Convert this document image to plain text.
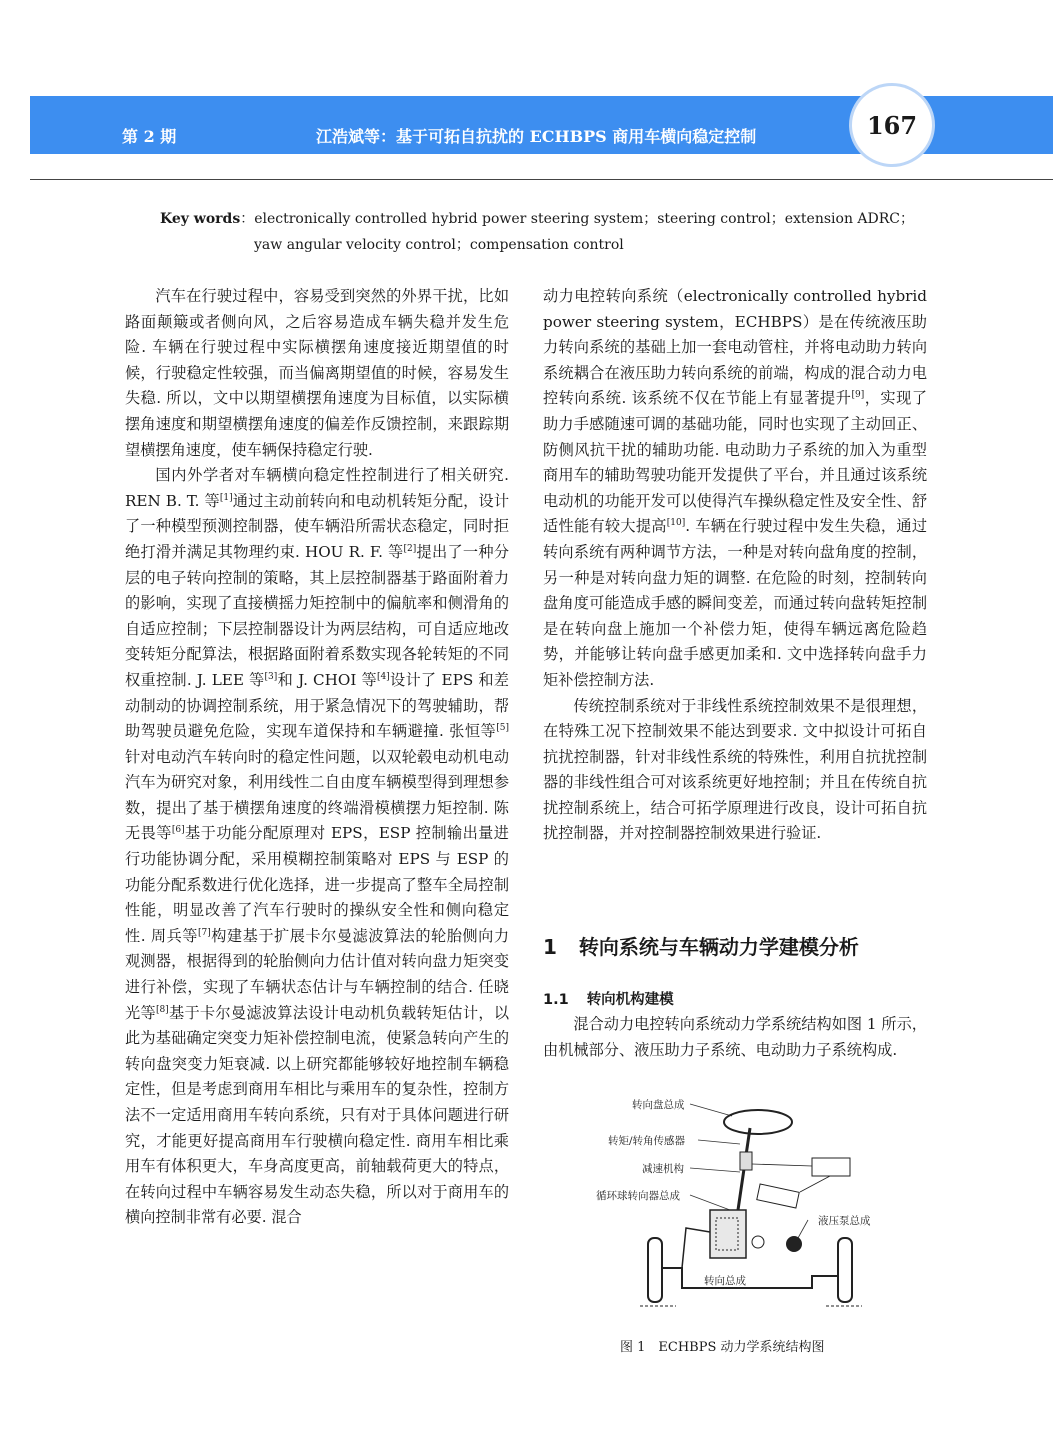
第 2 期	江浩斌等：基于可拓自抗扰的 ECHBPS 商用车横向稳定控制	167
Key words：electronically controlled hybrid power steering system；steering control；extension ADRC；
yaw angular velocity control；compensation control

汽车在行驶过程中，容易受到突然的外界干扰，比如路面颠簸或者侧向风，之后容易造成车辆失稳并发生危险. 车辆在行驶过程中实际横摆角速度接近期望值的时候，行驶稳定性较强，而当偏离期望值的时候，容易发生失稳. 所以，文中以期望横摆角速度为目标值，以实际横摆角速度和期望横摆角速度的偏差作反馈控制，来跟踪期望横摆角速度，使车辆保持稳定行驶.

国内外学者对车辆横向稳定性控制进行了相关研究. REN B. T. 等[1]通过主动前转向和电动机转矩分配，设计了一种模型预测控制器，使车辆沿所需状态稳定，同时拒绝打滑并满足其物理约束. HOU R. F. 等[2]提出了一种分层的电子转向控制的策略，其上层控制器基于路面附着力的影响，实现了直接横摇力矩控制中的偏航率和侧滑角的自适应控制；下层控制器设计为两层结构，可自适应地改变转矩分配算法，根据路面附着系数实现各轮转矩的不同权重控制. J. LEE 等[3]和 J. CHOI 等[4]设计了 EPS 和差动制动的协调控制系统，用于紧急情况下的驾驶辅助，帮助驾驶员避免危险，实现车道保持和车辆避撞. 张恒等[5]针对电动汽车转向时的稳定性问题，以双轮毂电动机电动汽车为研究对象，利用线性二自由度车辆模型得到理想参数，提出了基于横摆角速度的终端滑模横摆力矩控制. 陈无畏等[6]基于功能分配原理对 EPS，ESP 控制输出量进行功能协调分配，采用模糊控制策略对 EPS 与 ESP 的功能分配系数进行优化选择，进一步提高了整车全局控制性能，明显改善了汽车行驶时的操纵安全性和侧向稳定性. 周兵等[7]构建基于扩展卡尔曼滤波算法的轮胎侧向力观测器，根据得到的轮胎侧向力估计值对转向盘力矩突变进行补偿，实现了车辆状态估计与车辆控制的结合. 任晓光等[8]基于卡尔曼滤波算法设计电动机负载转矩估计，以此为基础确定突变力矩补偿控制电流，使紧急转向产生的转向盘突变力矩衰减. 以上研究都能够较好地控制车辆稳定性，但是考虑到商用车相比与乘用车的复杂性，控制方法不一定适用商用车转向系统，只有对于具体问题进行研究，才能更好提高商用车行驶横向稳定性. 商用车相比乘用车有体积更大，车身高度更高，前轴载荷更大的特点，在转向过程中车辆容易发生动态失稳，所以对于商用车的横向控制非常有必要. 混合

动力电控转向系统（electronically controlled hybrid power steering system，ECHBPS）是在传统液压助力转向系统的基础上加一套电动管柱，并将电动助力转向系统耦合在液压助力转向系统的前端，构成的混合动力电控转向系统. 该系统不仅在节能上有显著提升[9]，实现了助力手感随速可调的基础功能，同时也实现了主动回正、防侧风抗干扰的辅助功能. 电动助力子系统的加入为重型商用车的辅助驾驶功能开发提供了平台，并且通过该系统电动机的功能开发可以使得汽车操纵稳定性及安全性、舒适性能有较大提高[10]. 车辆在行驶过程中发生失稳，通过转向系统有两种调节方法，一种是对转向盘角度的控制，另一种是对转向盘力矩的调整. 在危险的时刻，控制转向盘角度可能造成手感的瞬间变差，而通过转向盘转矩控制是在转向盘上施加一个补偿力矩，使得车辆远离危险趋势，并能够让转向盘手感更加柔和. 文中选择转向盘手力矩补偿控制方法.

传统控制系统对于非线性系统控制效果不是很理想，在特殊工况下控制效果不能达到要求. 文中拟设计可拓自抗扰控制器，针对非线性系统的特殊性，利用自抗扰控制器的非线性组合可对该系统更好地控制；并且在传统自抗扰控制系统上，结合可拓学原理进行改良，设计可拓自抗扰控制器，并对控制器控制效果进行验证.

1 转向系统与车辆动力学建模分析
1.1 转向机构建模

混合动力电控转向系统动力学系统结构如图 1 所示，由机械部分、液压助力子系统、电动助力子系统构成.

转向盘总成
转矩/转角传感器
减速机构
循环球转向器总成
液压泵总成
转向总成
图 1　ECHBPS 动力学系统结构图
